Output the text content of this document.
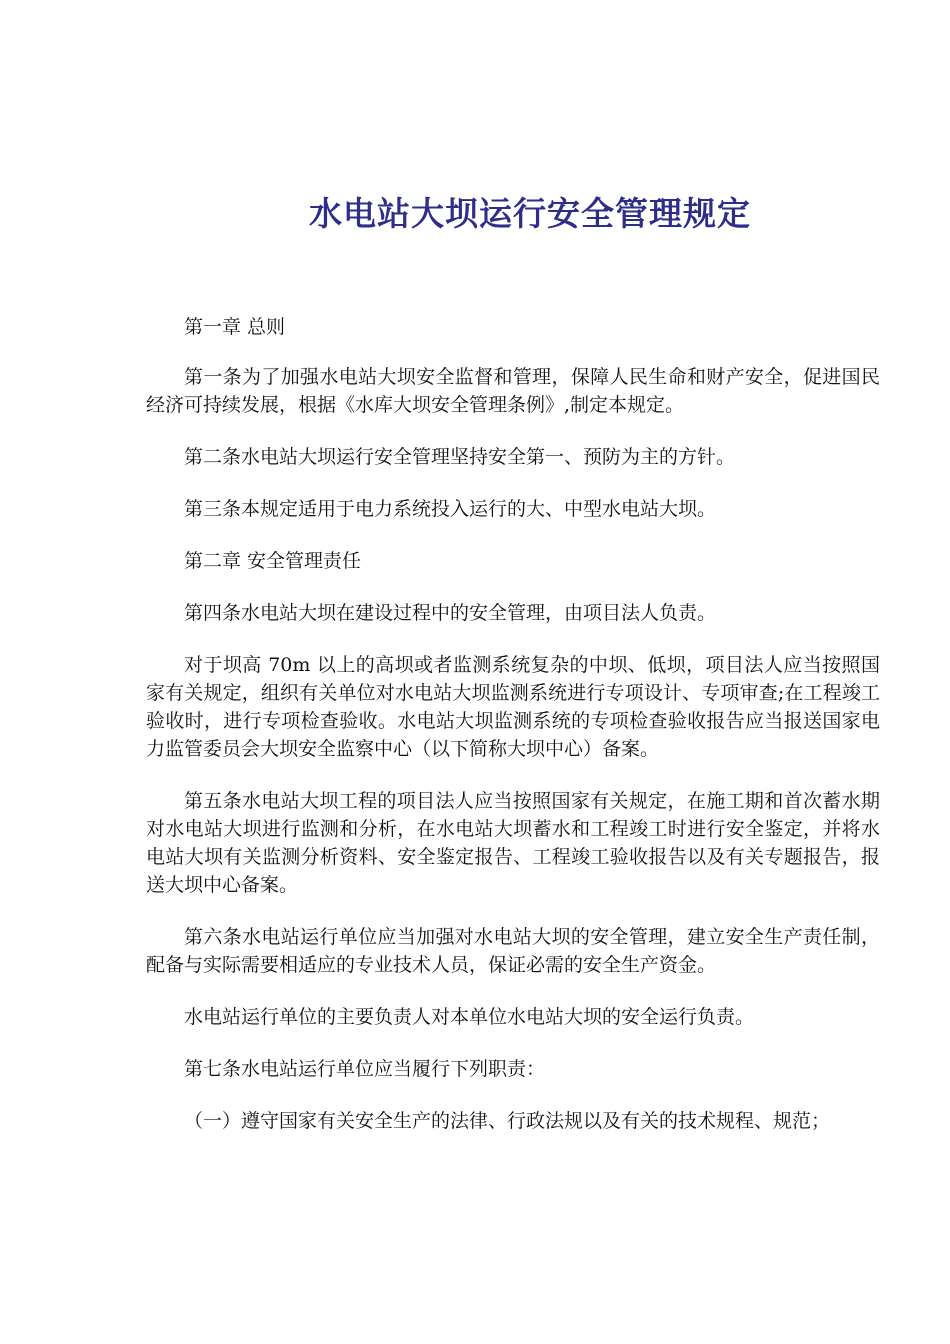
水电站大坝运行安全管理规定

第一章 总则

第一条为了加强水电站大坝安全监督和管理，保障人民生命和财产安全，促进国民经济可持续发展，根据《水库大坝安全管理条例》,制定本规定。

第二条水电站大坝运行安全管理坚持安全第一、预防为主的方针。

第三条本规定适用于电力系统投入运行的大、中型水电站大坝。

第二章 安全管理责任

第四条水电站大坝在建设过程中的安全管理，由项目法人负责。

对于坝高 70m 以上的高坝或者监测系统复杂的中坝、低坝，项目法人应当按照国家有关规定，组织有关单位对水电站大坝监测系统进行专项设计、专项审查;在工程竣工验收时，进行专项检查验收。水电站大坝监测系统的专项检查验收报告应当报送国家电力监管委员会大坝安全监察中心（以下简称大坝中心）备案。

第五条水电站大坝工程的项目法人应当按照国家有关规定，在施工期和首次蓄水期对水电站大坝进行监测和分析，在水电站大坝蓄水和工程竣工时进行安全鉴定，并将水电站大坝有关监测分析资料、安全鉴定报告、工程竣工验收报告以及有关专题报告，报送大坝中心备案。

第六条水电站运行单位应当加强对水电站大坝的安全管理，建立安全生产责任制，配备与实际需要相适应的专业技术人员，保证必需的安全生产资金。

水电站运行单位的主要负责人对本单位水电站大坝的安全运行负责。

第七条水电站运行单位应当履行下列职责：

（一）遵守国家有关安全生产的法律、行政法规以及有关的技术规程、规范；
